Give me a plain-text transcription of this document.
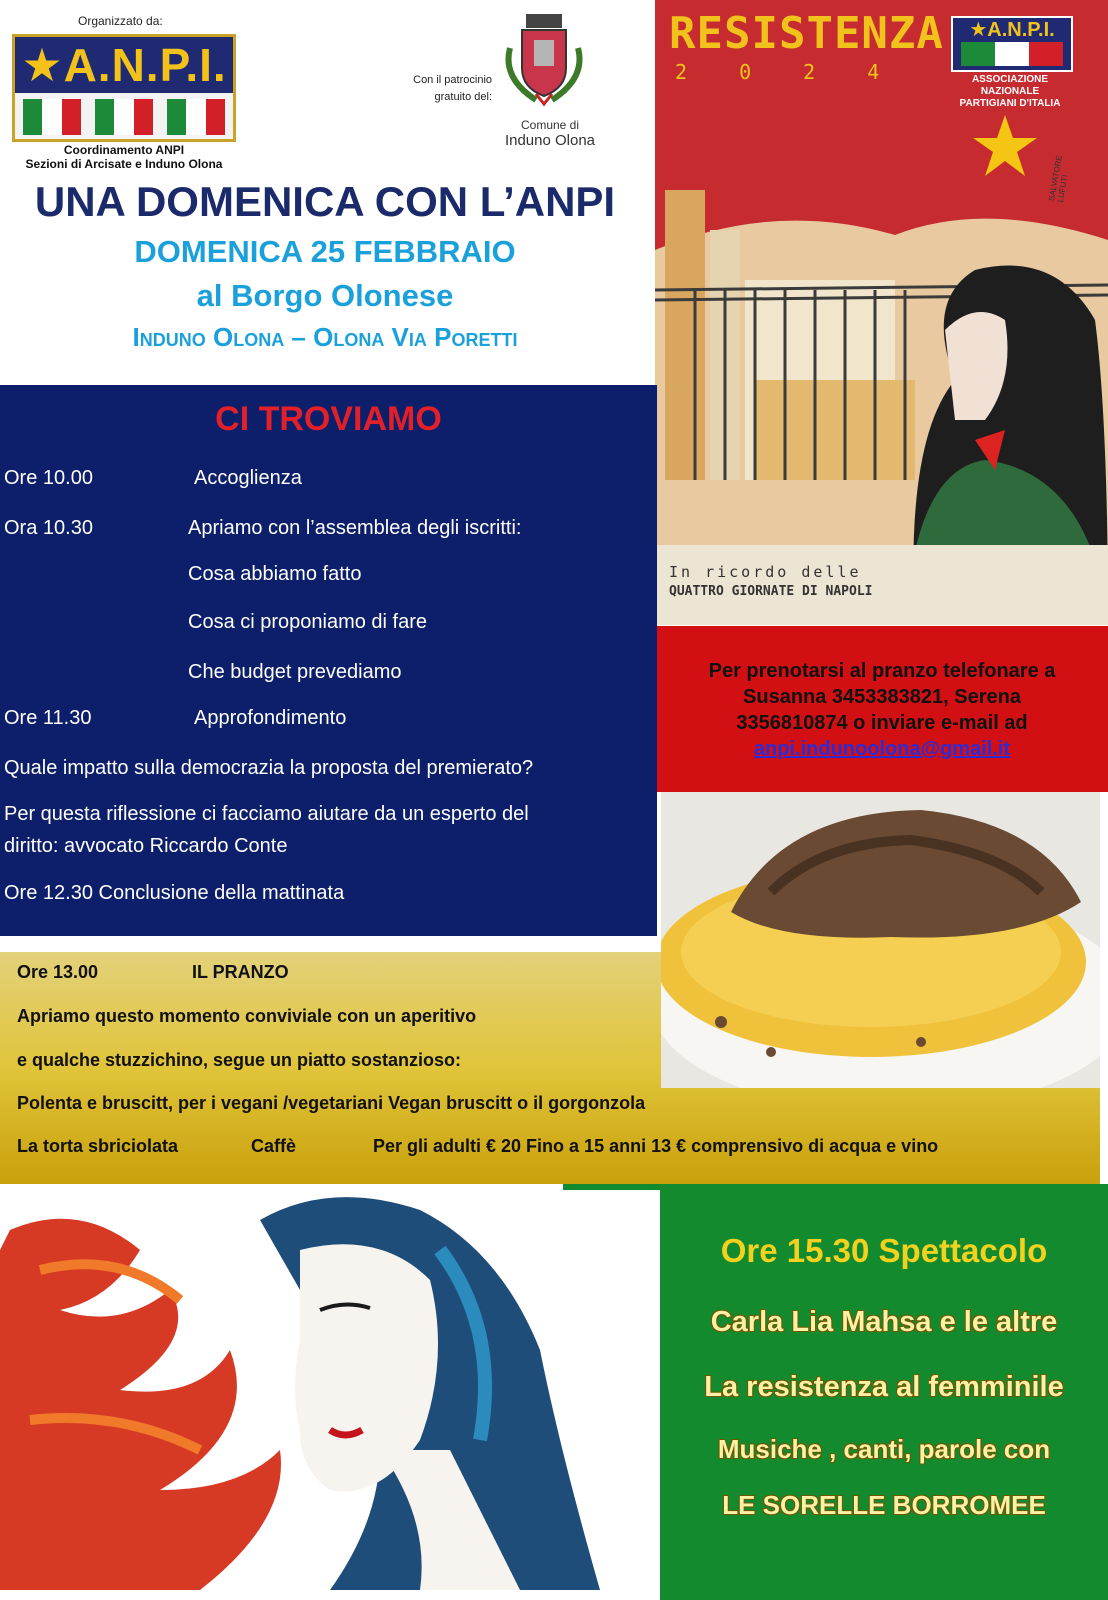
Organizzato da:
★A.N.P.I.
Coordinamento ANPI
Sezioni di Arcisate e Induno Olona
Con il patrocinio
gratuito del:
Comune di
Induno Olona
UNA DOMENICA CON L’ANPI
DOMENICA 25 FEBBRAIO
al Borgo Olonese
Induno Olona – Olona Via Poretti
RESISTENZA
2 0 2 4
★A.N.P.I.
ASSOCIAZIONE NAZIONALE
PARTIGIANI D'ITALIA
SALVATORE LUFUTI
In ricordo delle
QUATTRO GIORNATE DI NAPOLI
Ore 10.00	Accoglienza
Ora 10.30	Apriamo con l’assemblea degli iscritti:
Cosa abbiamo fatto
Cosa ci proponiamo di fare
Che budget prevediamo
Ore 11.30	Approfondimento
Quale impatto sulla democrazia la proposta del premierato?
Per questa riflessione ci facciamo aiutare da un esperto del
diritto: avvocato Riccardo Conte
Ore 12.30 Conclusione della mattinata
CI TROVIAMO
Per prenotarsi al pranzo telefonare a
Susanna 3453383821, Serena
3356810874 o inviare e-mail ad
anpi.indunoolona@gmail.it
Ore 13.00	IL PRANZO
Apriamo questo momento conviviale con un aperitivo
e qualche stuzzichino, segue un piatto sostanzioso:
Polenta e bruscitt, per i vegani /vegetariani Vegan bruscitt o il gorgonzola
La torta sbriciolata	Caffè	Per gli adulti € 20 Fino a 15 anni 13 € comprensivo di acqua e vino
Ore 15.30 Spettacolo
Carla Lia Mahsa e le altre
La resistenza al femminile
Musiche , canti, parole con
LE SORELLE BORROMEE
